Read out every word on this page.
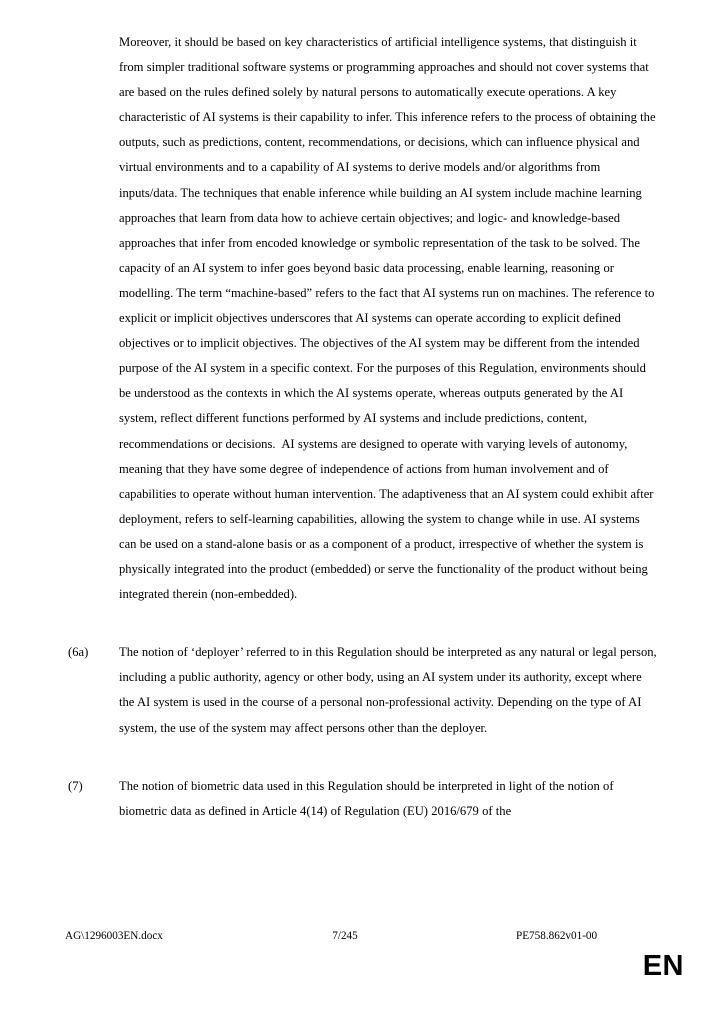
Moreover, it should be based on key characteristics of artificial intelligence systems, that distinguish it from simpler traditional software systems or programming approaches and should not cover systems that are based on the rules defined solely by natural persons to automatically execute operations. A key characteristic of AI systems is their capability to infer. This inference refers to the process of obtaining the outputs, such as predictions, content, recommendations, or decisions, which can influence physical and virtual environments and to a capability of AI systems to derive models and/or algorithms from inputs/data. The techniques that enable inference while building an AI system include machine learning approaches that learn from data how to achieve certain objectives; and logic- and knowledge-based approaches that infer from encoded knowledge or symbolic representation of the task to be solved. The capacity of an AI system to infer goes beyond basic data processing, enable learning, reasoning or modelling. The term “machine-based” refers to the fact that AI systems run on machines. The reference to explicit or implicit objectives underscores that AI systems can operate according to explicit defined objectives or to implicit objectives. The objectives of the AI system may be different from the intended purpose of the AI system in a specific context. For the purposes of this Regulation, environments should be understood as the contexts in which the AI systems operate, whereas outputs generated by the AI system, reflect different functions performed by AI systems and include predictions, content, recommendations or decisions.  AI systems are designed to operate with varying levels of autonomy, meaning that they have some degree of independence of actions from human involvement and of capabilities to operate without human intervention. The adaptiveness that an AI system could exhibit after deployment, refers to self-learning capabilities, allowing the system to change while in use. AI systems can be used on a stand-alone basis or as a component of a product, irrespective of whether the system is physically integrated into the product (embedded) or serve the functionality of the product without being integrated therein (non-embedded).
(6a)	The notion of ‘deployer’ referred to in this Regulation should be interpreted as any natural or legal person, including a public authority, agency or other body, using an AI system under its authority, except where the AI system is used in the course of a personal non-professional activity. Depending on the type of AI system, the use of the system may affect persons other than the deployer.
(7)	The notion of biometric data used in this Regulation should be interpreted in light of the notion of biometric data as defined in Article 4(14) of Regulation (EU) 2016/679 of the
AG\1296003EN.docx	7/245	PE758.862v01-00
EN
